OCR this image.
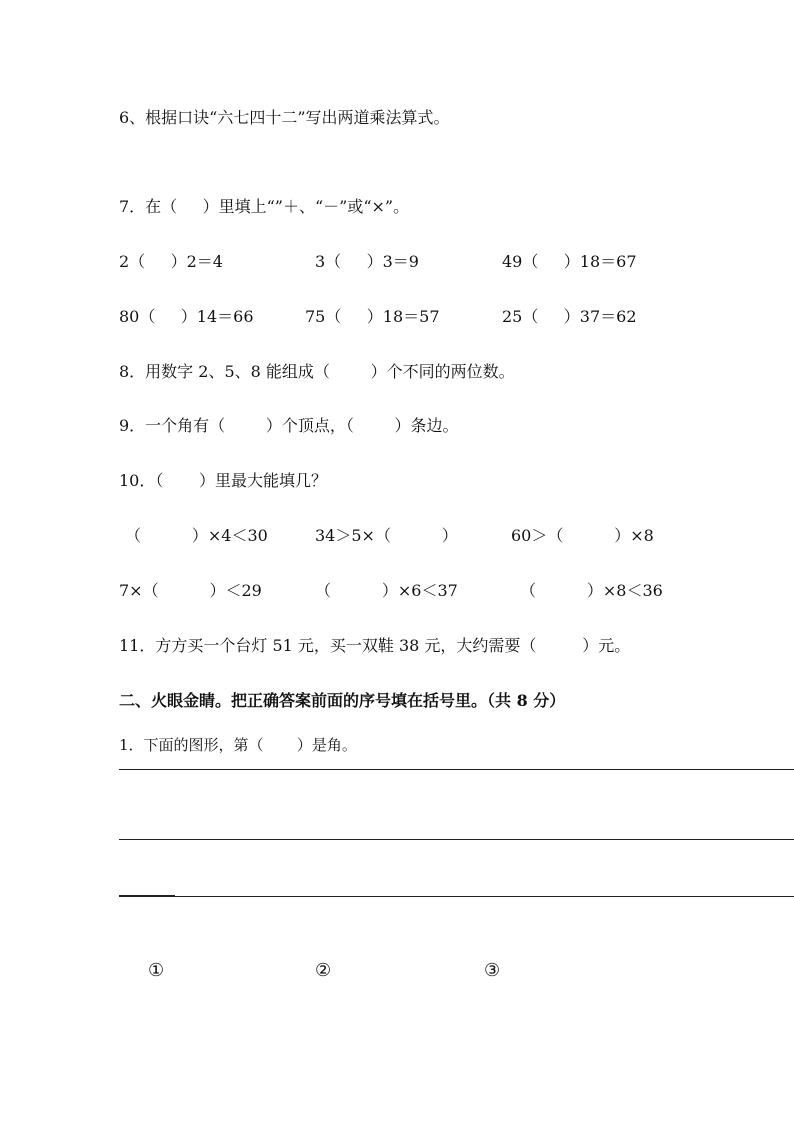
6、根据口诀“六七四十二”写出两道乘法算式。
7．在（     ）里填上“”＋、“－”或“×”。
2（     ）2＝4	3（     ）3＝9	49（     ）18＝67
80（     ）14＝66	75（     ）18＝57	25（     ）37＝62
8．用数字 2、5、8 能组成（        ）个不同的两位数。
9．一个角有（        ）个顶点，（        ）条边。
10．（       ）里最大能填几？
（          ）×4＜30	34＞5×（          ）	60＞（          ）×8
7×（          ）＜29	（          ）×6＜37	（          ）×8＜36
11．方方买一个台灯 51 元，买一双鞋 38 元，大约需要（         ）元。
二、火眼金睛。把正确答案前面的序号填在括号里。（共 8 分）
1．下面的图形，第（       ）是角。
①	②	③
